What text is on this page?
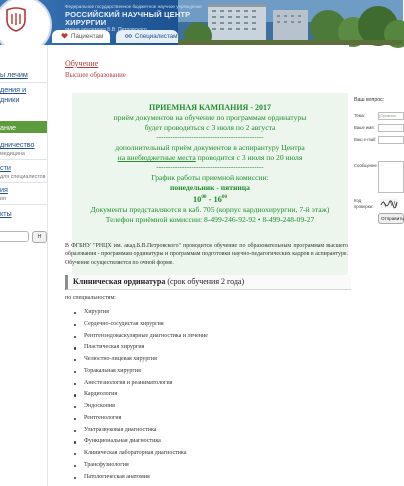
Федеральное государственное бюджетное научное учреждение
РОССИЙСКИЙ НАУЧНЫЙ ЦЕНТР ХИРУРГИИ
Б.В.
Пациентам	Специалистам
ы лечим
дения и
дники
ание
дничество
медицина
сти
для специалистов
ия
ия
кты
Н
Обучение
Высшее образование
ПРИЕМНАЯ КАМПАНИЯ - 2017
приём документов на обучение по программам ординатуры
будет проводиться с 3 июля по 2 августа
----------------------------------------------
дополнительный приём документов в аспирантуру Центра
на внебюджетные места проводится с 3 июля по 20 июля
----------------------------------------------
График работы приемной комиссии:
понедельник - пятница
$10^{00} - 16^{00}$
Документы представляются в каб. 705 (корпус кардиохирургии, 7-й этаж)
Телефон приёмной комиссии: 8-499-246-92-92 • 8-499-248-09-27
В ФГБНУ "РНЦХ им. акад.Б.В.Петровского" проводится обучение по образовательным программам высшего образования - программам ординатуры и программам подготовки научно-педагогических кадров в аспирантуре. Обучение осуществляется по очной форме.
Клиническая ординатура (срок обучения 2 года)
по специальностям:
Хирургия
Сердечно-сосудистая хирургия
Рентгенэндоваскулярные диагностика и лечение
Пластическая хирургия
Челюстно-лицевая хирургия
Торакальная хирургия
Анестезиология и реаниматология
Кардиология
Эндоскопия
Рентгенология
Ультразвуковая диагностика
Функциональная диагностика
Клиническая лабораторная диагностика
Трансфузиология
Патологическая анатомия
Ваш вопрос:
Тема:	(Организ
Ваше имя:
Ваш e-mail:
Сообщение:
Код
проверки:
Отправить
